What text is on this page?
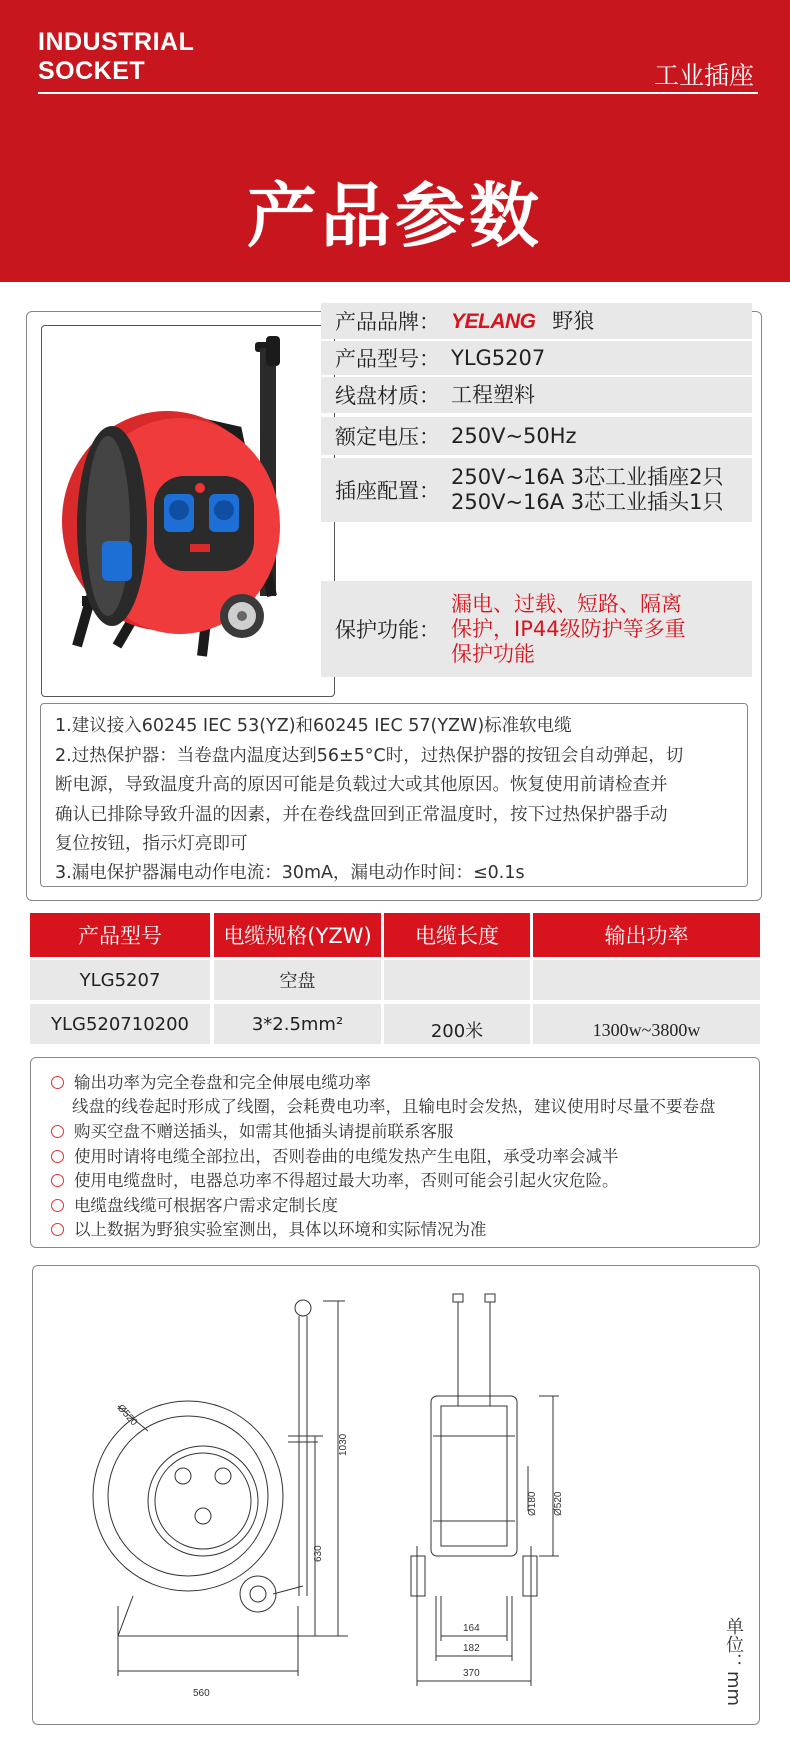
INDUSTRIAL
SOCKET	工业插座
产品参数
产品品牌： YELANG 野狼
产品型号： YLG5207
线盘材质： 工程塑料
额定电压： 250V~50Hz
插座配置：
250V~16A 3芯工业插座2只
250V~16A 3芯工业插头1只
保护功能：
漏电、过载、短路、隔离
保护，IP44级防护等多重
保护功能
1.建议接入60245 IEC 53(YZ)和60245 IEC 57(YZW)标准软电缆
2.过热保护器：当卷盘内温度达到56±5°C时，过热保护器的按钮会自动弹起，切
断电源，导致温度升高的原因可能是负载过大或其他原因。恢复使用前请检查并
确认已排除导致升温的因素，并在卷线盘回到正常温度时，按下过热保护器手动
复位按钮，指示灯亮即可
3.漏电保护器漏电动作电流：30mA，漏电动作时间：≤0.1s
产品型号	电缆规格(YZW)	电缆长度	输出功率
YLG5207	空盘
YLG520710200	3*2.5mm²	200米	1300w~3800w
输出功率为完全卷盘和完全伸展电缆功率
线盘的线卷起时形成了线圈，会耗费电功率，且输电时会发热，建议使用时尽量不要卷盘
购买空盘不赠送插头，如需其他插头请提前联系客服
使用时请将电缆全部拉出，否则卷曲的电缆发热产生电阻，承受功率会减半
使用电缆盘时，电器总功率不得超过最大功率，否则可能会引起火灾危险。
电缆盘线缆可根据客户需求定制长度
以上数据为野狼实验室测出，具体以环境和实际情况为准
Ø520
1030
630
560
Ø180 Ø520
164
182
370	单位：mm
